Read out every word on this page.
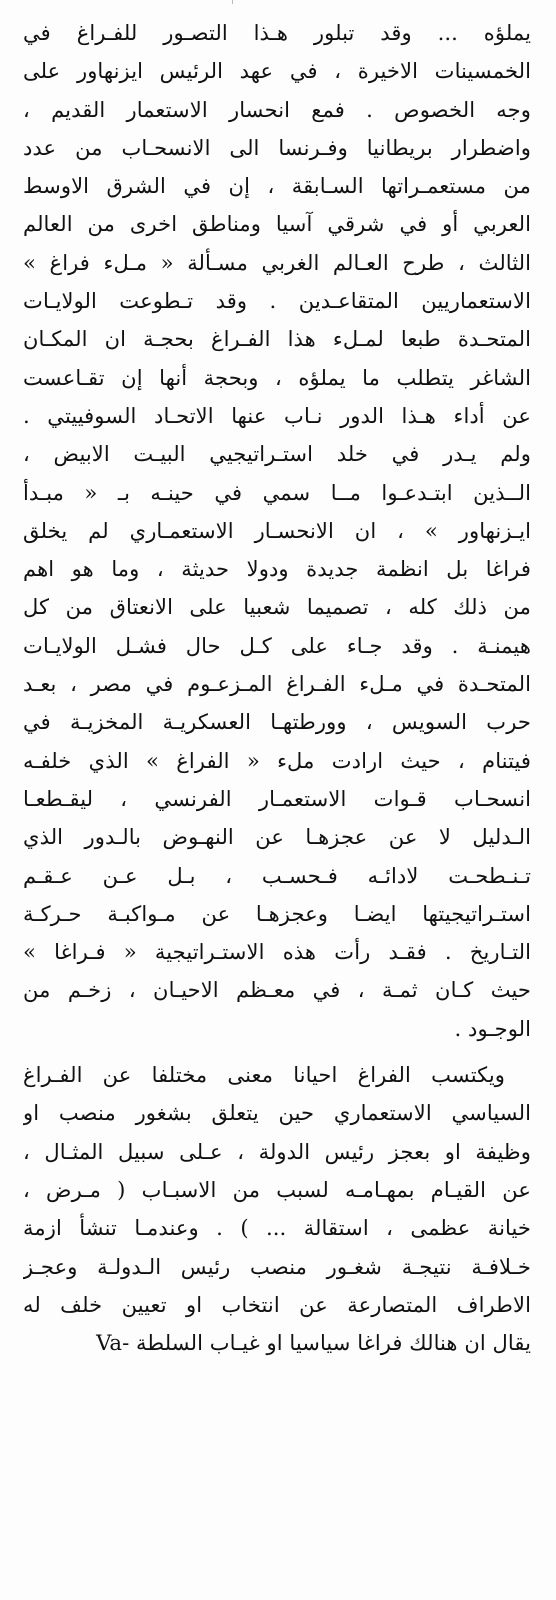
يملؤه ... وقد تبلور هـذا التصـور للفـراغ في
الخمسينات الاخيرة ، في عهد الرئيس ايزنهاور على
وجه الخصوص . فمع انحسار الاستعمار القديم ،
واضطرار بريطانيا وفـرنسا الى الانسحـاب من عدد
من مستعمـراتها السـابقة ، إن في الشرق الاوسط
العربي أو في شرقي آسيا ومناطق اخرى من العالم
الثالث ، طرح العـالم الغربي مسـألة « مـلء فراغ »
الاستعماريين المتقاعـدين . وقد تـطوعت الولايـات
المتحـدة طبعا لمـلء هذا الفـراغ بحجـة ان المكـان
الشاغر يتطلب ما يملؤه ، وبحجة أنها إن تقـاعست
عن أداء هـذا الدور نـاب عنها الاتحـاد السوفييتي .
ولم يـدر في خلد استـراتيجيي البيـت الابيض ،
الــذين ابتـدعـوا مــا سمي في حينـه بـ « مبـدأ
ايـزنهاور » ، ان الانحسـار الاستعمـاري لم يخلق
فراغا بل انظمة جديدة ودولا حديثة ، وما هو اهم
من ذلك كله ، تصميما شعبيا على الانعتاق من كل
هيمنـة . وقد جـاء على كـل حال فشـل الولايـات
المتحـدة في مـلء الفـراغ المـزعـوم في مصر ، بعـد
حرب السويس ، وورطتهـا العسكريـة المخزيـة في
فيتنام ، حيث ارادت ملء « الفراغ » الذي خلفـه
انسحـاب قـوات الاستعمـار الفرنسي ، ليقـطعـا
الـدليل لا عن عجزهـا عن النهـوض بالـدور الذي
تـنـطحـت لادائـه فـحسـب ، بـل عـن عـقـم
استـراتيجيتها ايضـا وعجزهـا عن مـواكبـة حـركـة
التـاريخ . فقـد رأت هذه الاستـراتيجية « فـراغا »
حيث كـان ثمـة ، في معـظم الاحيـان ، زخـم من
الوجـود .

ويكتسب الفراغ احيانا معنى مختلفا عن الفـراغ
السياسي الاستعماري حين يتعلق بشغور منصب او
وظيفة او بعجز رئيس الدولة ، عـلى سبيل المثـال ،
عن القيـام بمهـامـه لسبب من الاسبـاب ( مـرض ،
خيانة عظمى ، استقالة ... ) . وعندمـا تنشأ ازمة
خـلافـة نتيجـة شغـور منصب رئيس الـدولـة وعجـز
الاطراف المتصارعة عن انتخاب او تعيين خلف له
يقال ان هنالك فراغا سياسيا او غيـاب السلطة -Va
